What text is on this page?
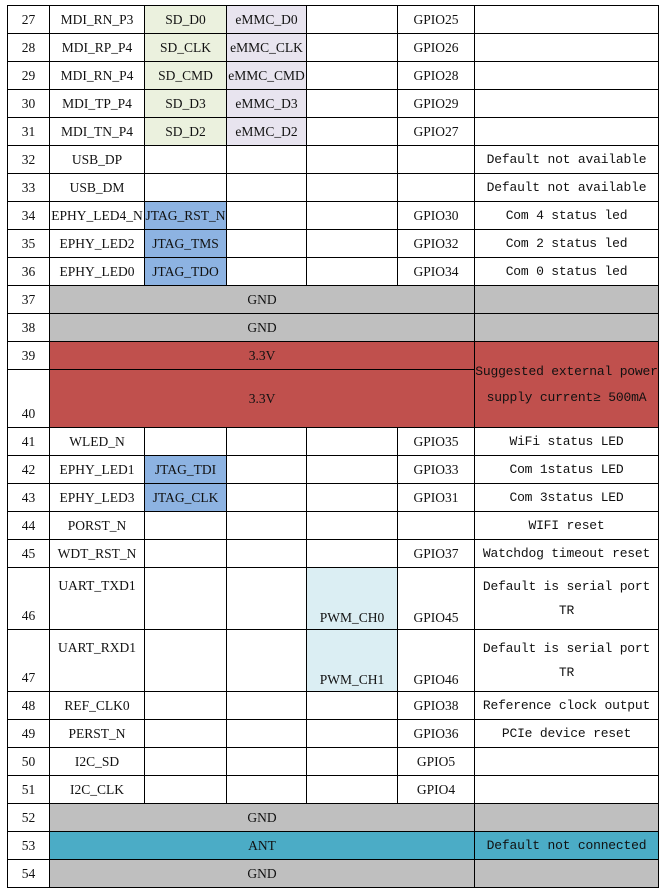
27	MDI_RN_P3	SD_D0	eMMC_D0		GPIO25	
28	MDI_RP_P4	SD_CLK	eMMC_CLK		GPIO26	
29	MDI_RN_P4	SD_CMD	eMMC_CMD		GPIO28	
30	MDI_TP_P4	SD_D3	eMMC_D3		GPIO29	
31	MDI_TN_P4	SD_D2	eMMC_D2		GPIO27	
32	USB_DP					Default not available
33	USB_DM					Default not available
34	EPHY_LED4_N	JTAG_RST_N			GPIO30	Com 4 status led
35	EPHY_LED2	JTAG_TMS			GPIO32	Com 2 status led
36	EPHY_LED0	JTAG_TDO			GPIO34	Com 0 status led
37	GND					
38	GND					
39	3.3V					Suggested external power supply current≥ 500mA
40	3.3V					
41	WLED_N				GPIO35	WiFi status LED
42	EPHY_LED1	JTAG_TDI			GPIO33	Com 1status LED
43	EPHY_LED3	JTAG_CLK			GPIO31	Com 3status LED
44	PORST_N					WIFI reset
45	WDT_RST_N				GPIO37	Watchdog timeout reset
46	UART_TXD1			PWM_CH0	GPIO45	Default is serial port TR
47	UART_RXD1			PWM_CH1	GPIO46	Default is serial port TR
48	REF_CLK0				GPIO38	Reference clock output
49	PERST_N				GPIO36	PCIe device reset
50	I2C_SD				GPIO5	
51	I2C_CLK				GPIO4	
52	GND					
53	ANT					Default not connected
54	GND					
